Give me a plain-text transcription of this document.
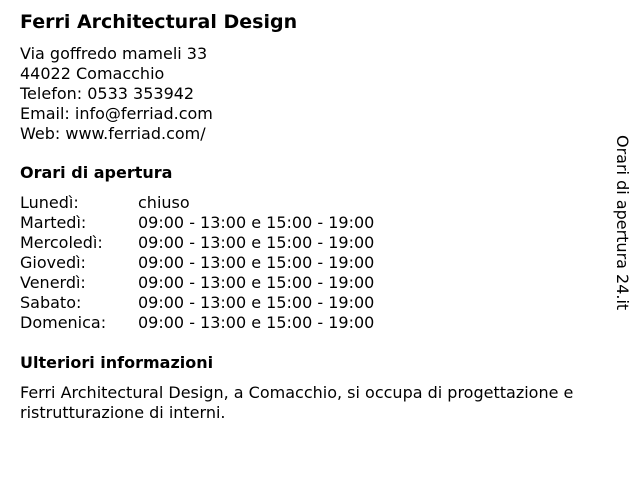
Ferri Architectural Design
Via goffredo mameli 33
44022 Comacchio
Telefon: 0533 353942
Email: info@ferriad.com
Web: www.ferriad.com/
Orari di apertura
Lunedì:	chiuso
Martedì:	09:00 - 13:00 e 15:00 - 19:00
Mercoledì:	09:00 - 13:00 e 15:00 - 19:00
Giovedì:	09:00 - 13:00 e 15:00 - 19:00
Venerdì:	09:00 - 13:00 e 15:00 - 19:00
Sabato:	09:00 - 13:00 e 15:00 - 19:00
Domenica:	09:00 - 13:00 e 15:00 - 19:00
Ulteriori informazioni
Ferri Architectural Design, a Comacchio, si occupa di progettazione e ristrutturazione di interni.
Orari di apertura 24.it
